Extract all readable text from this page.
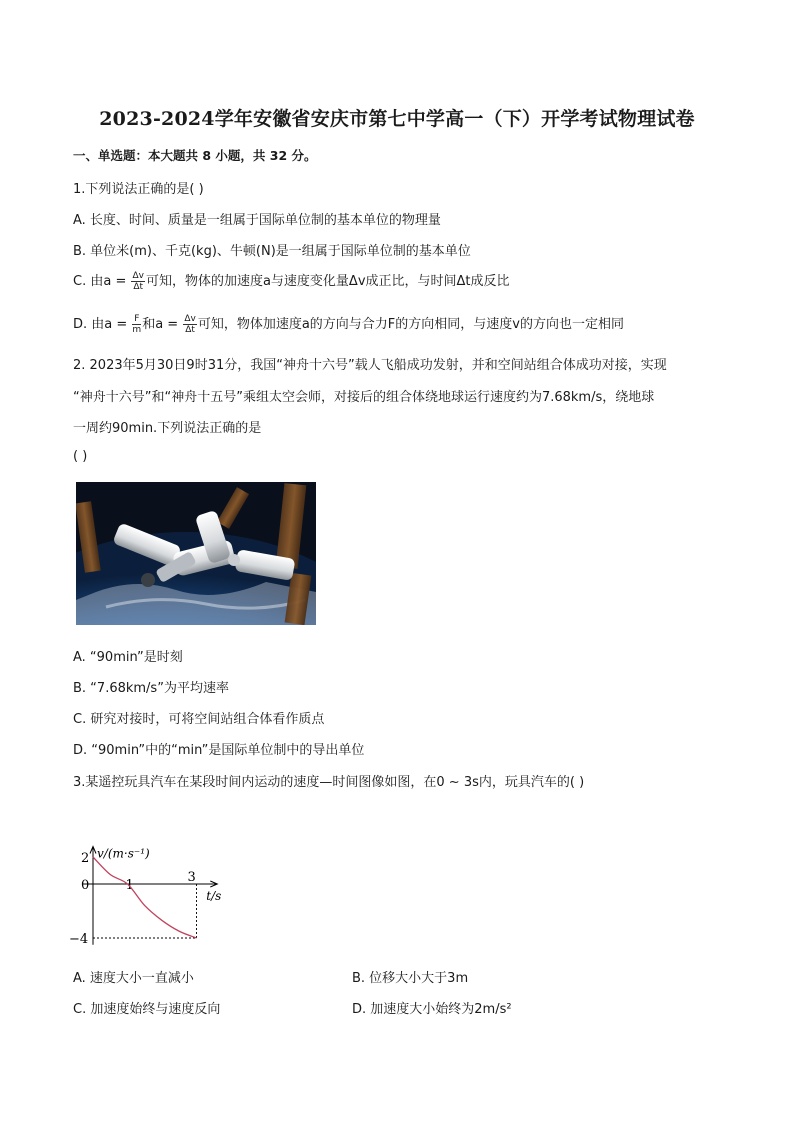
2023-2024学年安徽省安庆市第七中学高一（下）开学考试物理试卷
一、单选题：本大题共 8 小题，共 32 分。
1.下列说法正确的是( )
A. 长度、时间、质量是一组属于国际单位制的基本单位的物理量
B. 单位米(m)、千克(kg)、牛顿(N)是一组属于国际单位制的基本单位
C. 由$a = \frac{\Delta v}{\Delta t}$ 可知，物体的加速度a与速度变化量Δv成正比，与时间Δt成反比
D. 由$a = \frac{F}{m}$ 和$a = \frac{\Delta v}{\Delta t}$ 可知，物体加速度a的方向与合力F的方向相同，与速度v的方向也一定相同
2. 2023年5月30日9时31分，我国“神舟十六号”载人飞船成功发射，并和空间站组合体成功对接，实现
“神舟十六号”和“神舟十五号”乘组太空会师，对接后的组合体绕地球运行速度约为7.68km/s，绕地球
一周约90min.下列说法正确的是
( )
A. “90min”是时刻
B. “7.68km/s”为平均速率
C. 研究对接时，可将空间站组合体看作质点
D. “90min”中的“min”是国际单位制中的导出单位
3.某遥控玩具汽车在某段时间内运动的速度—时间图像如图，在0 ~ 3s内，玩具汽车的( )
v/(m·s⁻¹)
t/s
2
−4
0	1
3
A. 速度大小一直减小	B. 位移大小大于3m
C. 加速度始终与速度反向	D. 加速度大小始终为2m/s²
